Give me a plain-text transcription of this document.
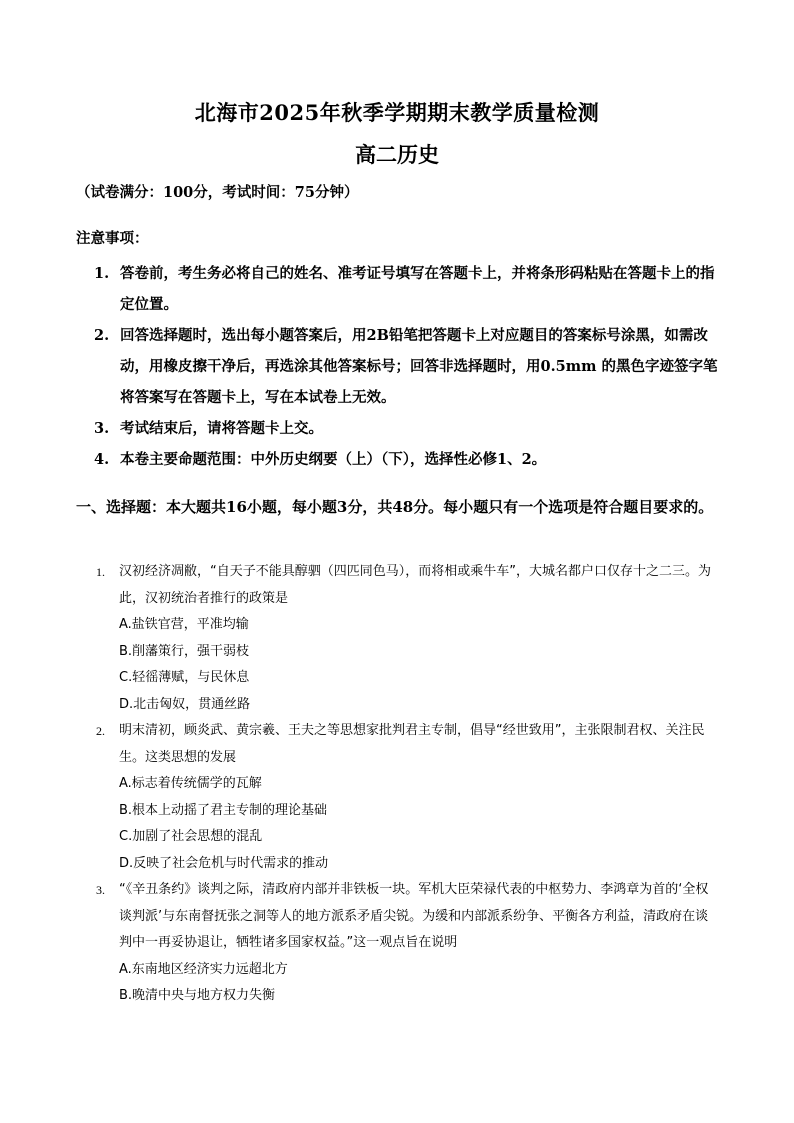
北海市2025年秋季学期期末教学质量检测
高二历史
（试卷满分：100分，考试时间：75分钟）
注意事项：
1. 答卷前，考生务必将自己的姓名、准考证号填写在答题卡上，并将条形码粘贴在答题卡上的指定位置。
2. 回答选择题时，选出每小题答案后，用2B铅笔把答题卡上对应题目的答案标号涂黑，如需改动，用橡皮擦干净后，再选涂其他答案标号；回答非选择题时，用0.5mm 的黑色字迹签字笔将答案写在答题卡上，写在本试卷上无效。
3. 考试结束后，请将答题卡上交。
4. 本卷主要命题范围：中外历史纲要（上）（下），选择性必修1、2。
一、选择题：本大题共16小题，每小题3分，共48分。每小题只有一个选项是符合题目要求的。
1. 汉初经济凋敝，“自天子不能具醇驷（四匹同色马），而将相或乘牛车”，大城名都户口仅存十之二三。为此，汉初统治者推行的政策是
A.盐铁官营，平准均输
B.削藩策行，强干弱枝
C.轻徭薄赋，与民休息
D.北击匈奴，贯通丝路
2. 明末清初，顾炎武、黄宗羲、王夫之等思想家批判君主专制，倡导“经世致用”，主张限制君权、关注民生。这类思想的发展
A.标志着传统儒学的瓦解
B.根本上动摇了君主专制的理论基础
C.加剧了社会思想的混乱
D.反映了社会危机与时代需求的推动
3. “《辛丑条约》谈判之际，清政府内部并非铁板一块。军机大臣荣禄代表的中枢势力、李鸿章为首的‘全权谈判派’与东南督抚张之洞等人的地方派系矛盾尖锐。为缓和内部派系纷争、平衡各方利益，清政府在谈判中一再妥协退让，牺牲诸多国家权益。”这一观点旨在说明
A.东南地区经济实力远超北方
B.晚清中央与地方权力失衡
